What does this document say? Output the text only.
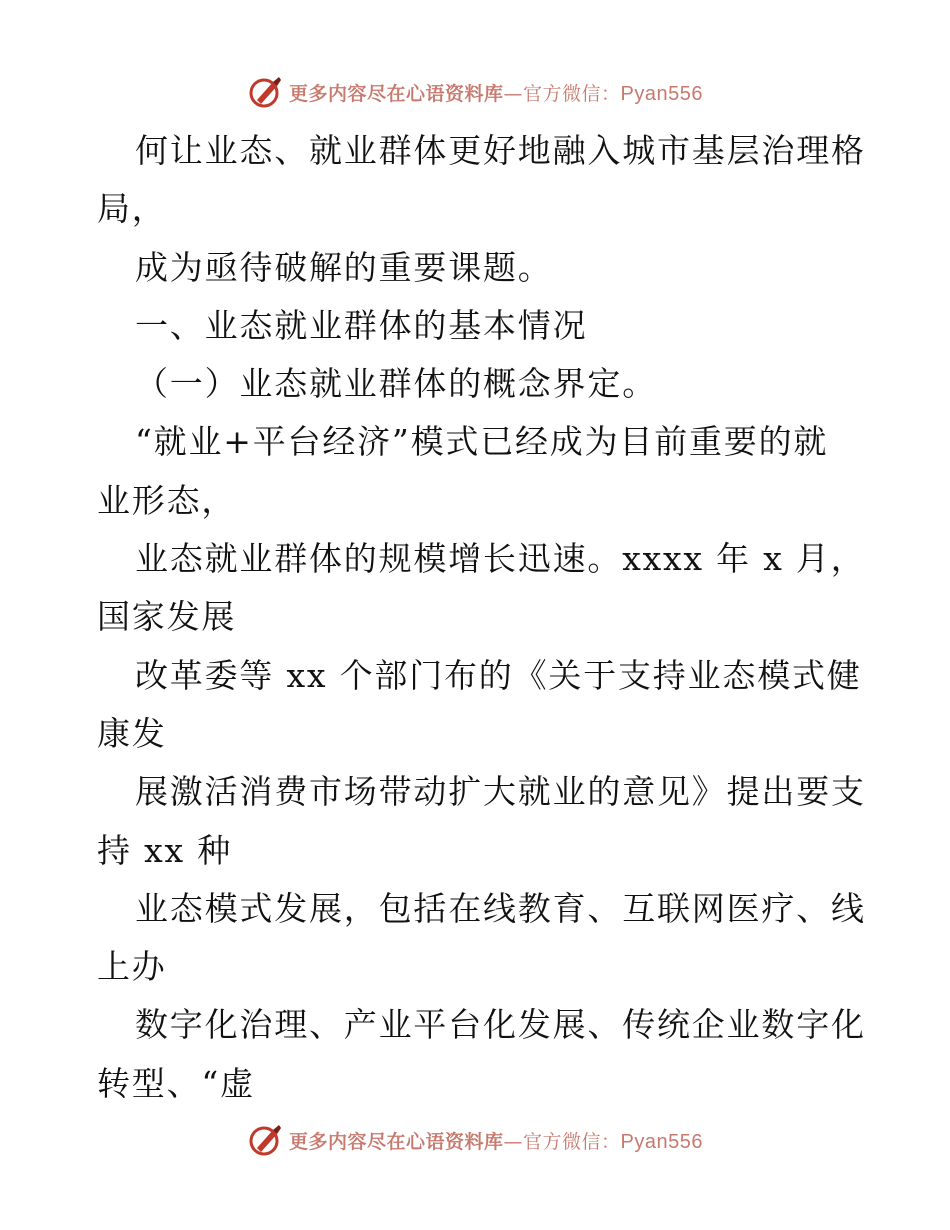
更多内容尽在心语资料库—官方微信：Pyan556
何让业态、就业群体更好地融入城市基层治理格
局，
成为亟待破解的重要课题。
一、业态就业群体的基本情况
（一）业态就业群体的概念界定。
“就业+平台经济”模式已经成为目前重要的就
业形态，
业态就业群体的规模增长迅速。xxxx 年 x 月，
国家发展
改革委等 xx 个部门布的《关于支持业态模式健
康发
展激活消费市场带动扩大就业的意见》提出要支
持 xx 种
业态模式发展，包括在线教育、互联网医疗、线
上办
数字化治理、产业平台化发展、传统企业数字化
转型、“虚
更多内容尽在心语资料库—官方微信：Pyan556
